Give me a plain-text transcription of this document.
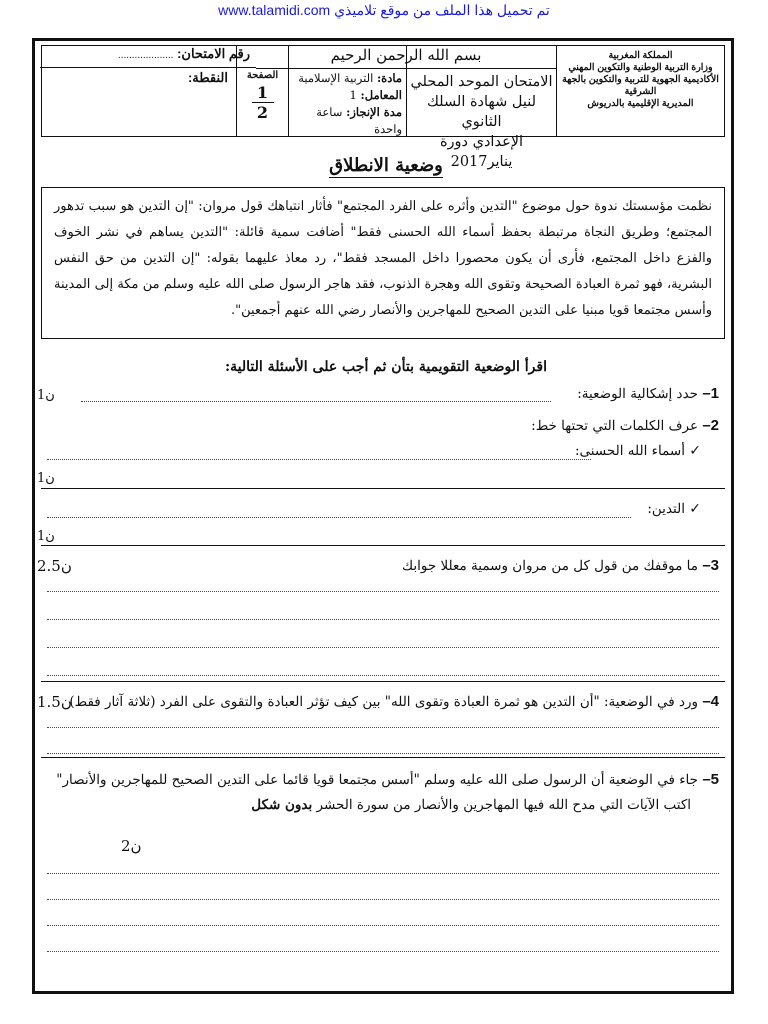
تم تحميل هذا الملف من موقع تلاميذي www.talamidi.com
المملكة المغربية
وزارة التربية الوطنية والتكوين المهني
الأكاديمية الجهوية للتربية والتكوين بالجهة الشرقية
المديرية الإقليمية بالدريوش
بسم الله الرحمن الرحيم
رقم الامتحان: ....................
الامتحان الموحد المحلي
لنيل شهادة السلك الثانوي
الإعدادي دورة يناير2017
مادة: التربية الإسلامية
المعامل: 1
مدة الإنجاز: ساعة واحدة
الصفحة
1
2
النقطة:
وضعية الانطلاق
نظمت مؤسستك ندوة حول موضوع "التدين وأثره على الفرد المجتمع" فأثار انتباهك قول مروان: "إن التدين هو سبب تدهور المجتمع؛ وطريق النجاة مرتبطة بحفظ أسماء الله الحسنى فقط" أضافت سمية قائلة: "التدين يساهم في نشر الخوف والفزع داخل المجتمع، فأرى أن يكون محصورا داخل المسجد فقط"، رد معاذ عليهما بقوله: "إن التدين من حق النفس البشرية، فهو ثمرة العبادة الصحيحة وتقوى الله وهجرة الذنوب، فقد هاجر الرسول صلى الله عليه وسلم من مكة إلى المدينة وأسس مجتمعا قويا مبنيا على التدين الصحيح للمهاجرين والأنصار رضي الله عنهم أجمعين".
اقرأ الوضعية التقويمية بتأن ثم أجب على الأسئلة التالية:
1– حدد إشكالية الوضعية:
1ن
2– عرف الكلمات التي تحتها خط:
✓ أسماء الله الحسنى:
1ن
✓ التدين:
1ن
3– ما موقفك من قول كل من مروان وسمية معللا جوابك
2.5ن
4– ورد في الوضعية: "أن التدين هو ثمرة العبادة وتقوى الله" بين كيف تؤثر العبادة والتقوى على الفرد (ثلاثة آثار فقط)
1.5ن
5– جاء في الوضعية أن الرسول صلى الله عليه وسلم "أسس مجتمعا قويا قائما على التدين الصحيح للمهاجرين والأنصار"
اكتب الآيات التي مدح الله فيها المهاجرين والأنصار من سورة الحشر بدون شكل
2ن
